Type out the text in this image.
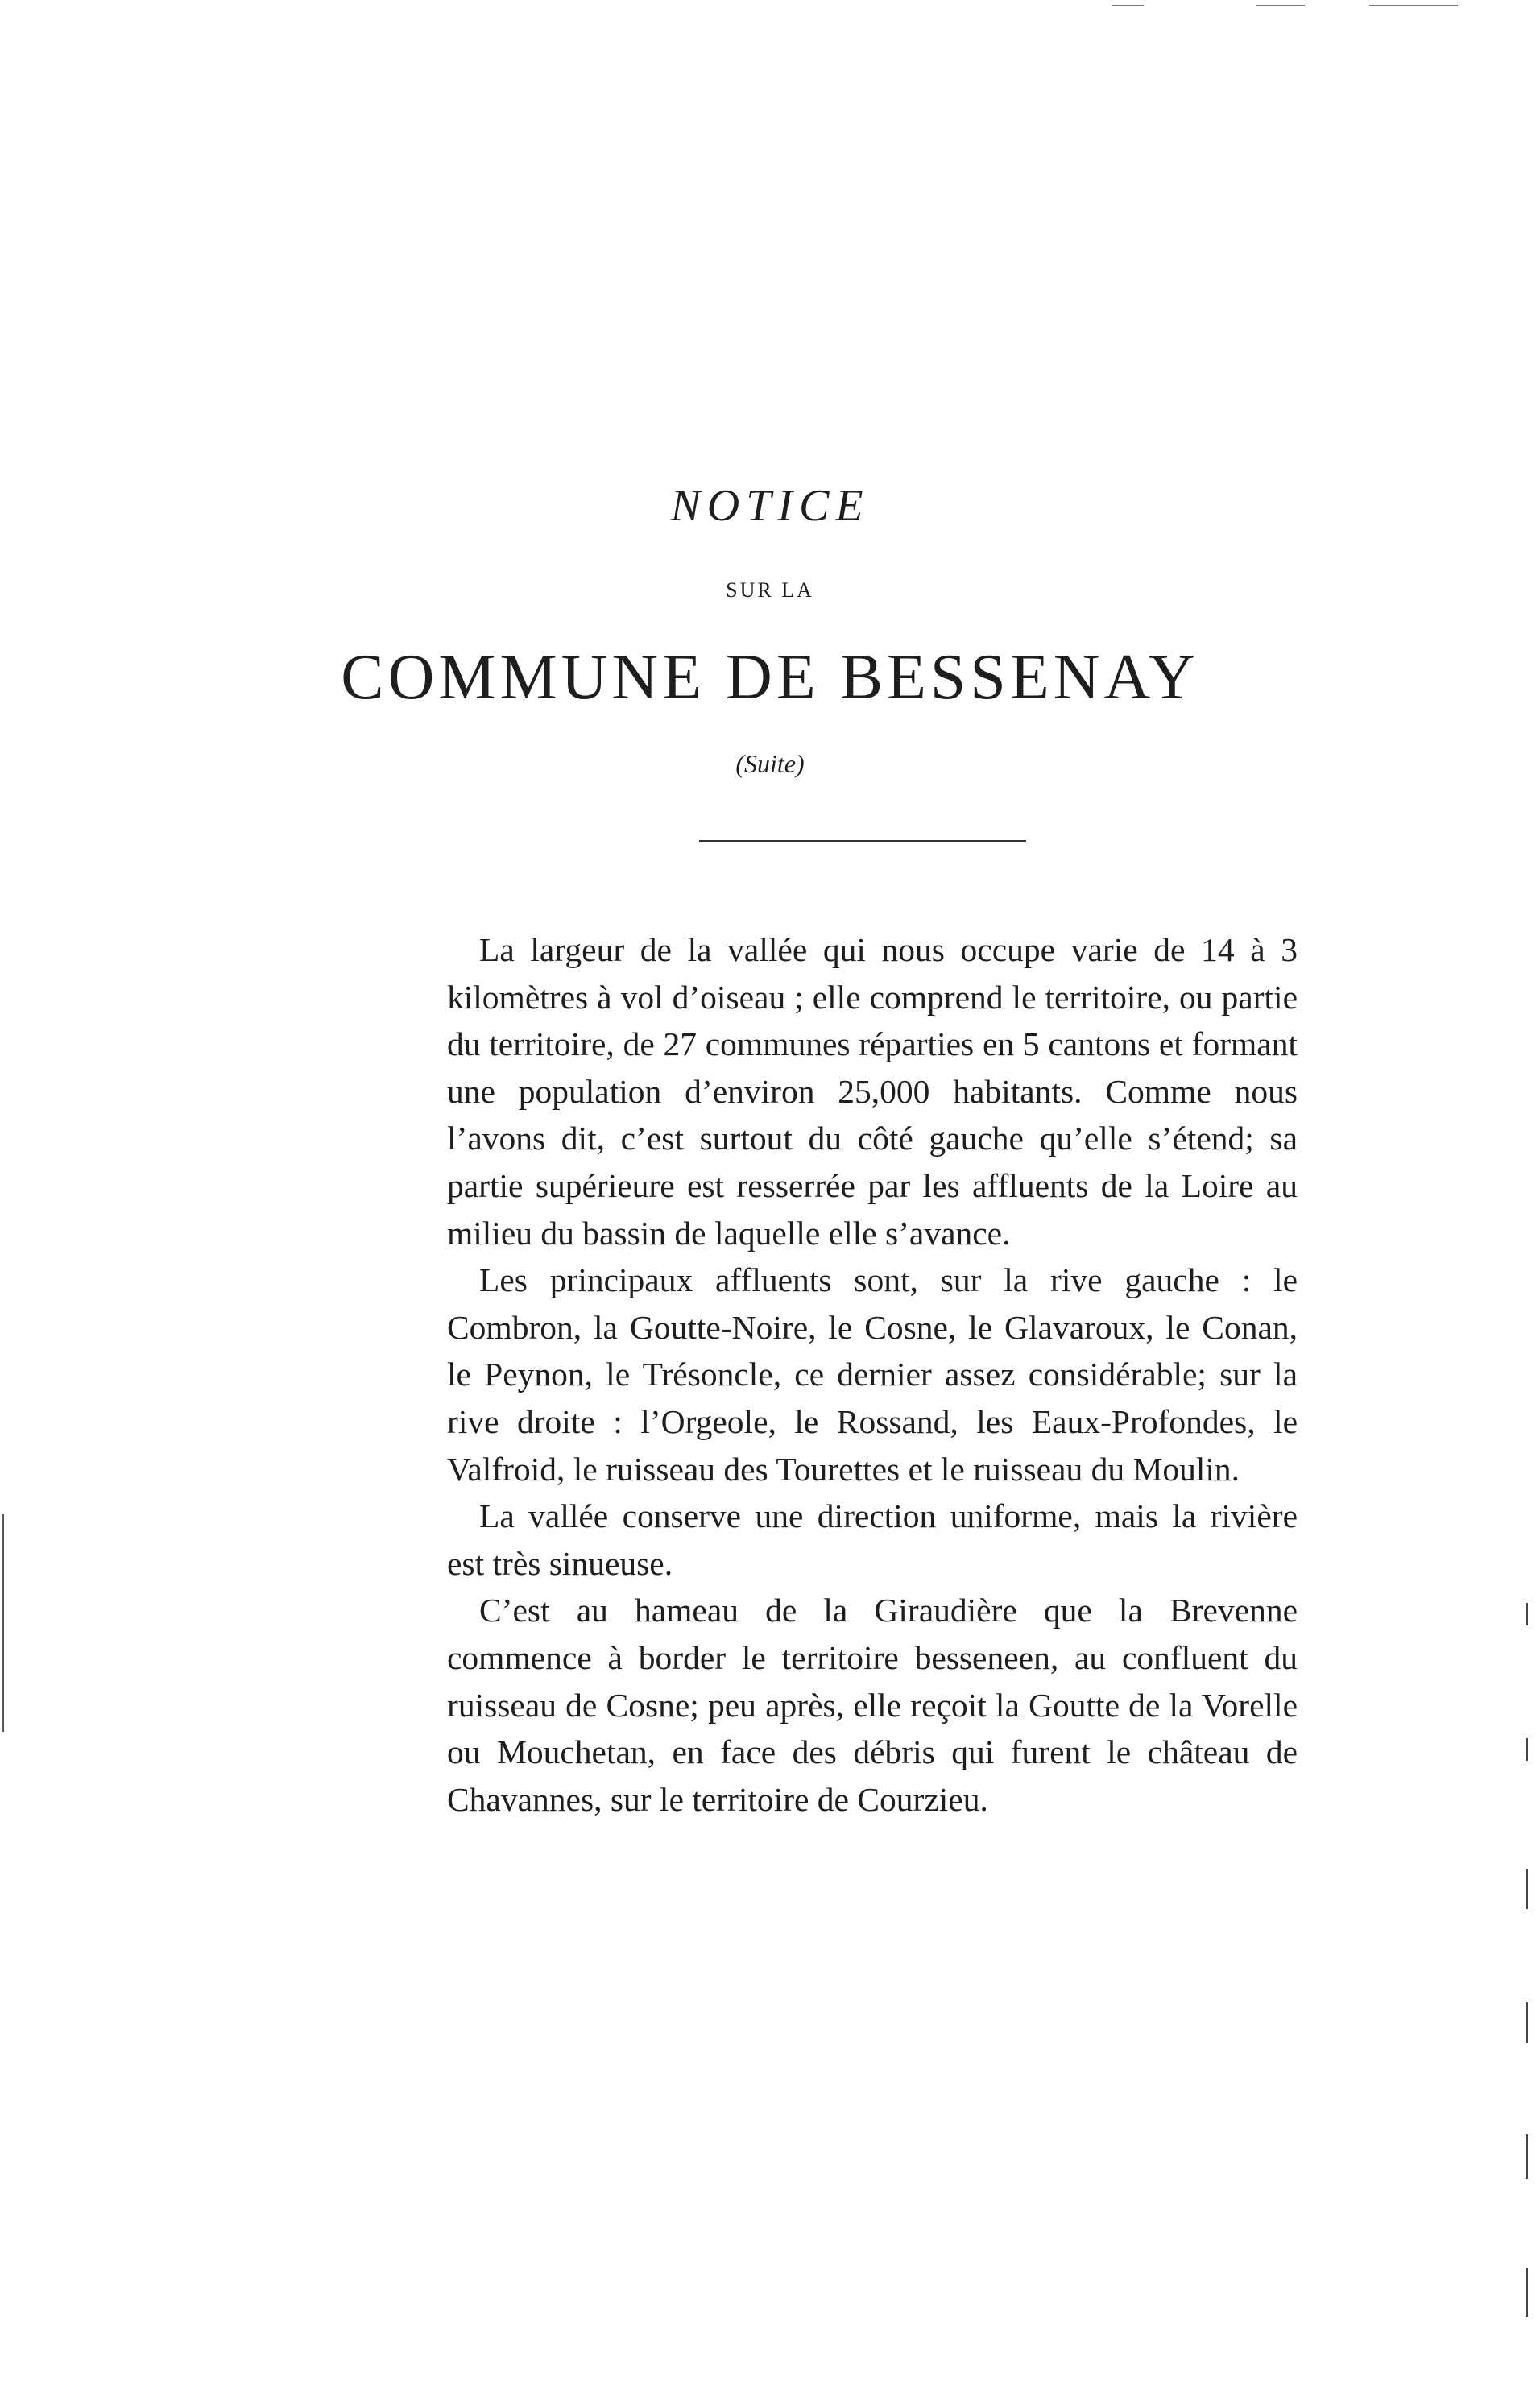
NOTICE
SUR LA
COMMUNE DE BESSENAY
(Suite)

La largeur de la vallée qui nous occupe varie de 14 à 3 kilomètres à vol d’oiseau ; elle comprend le territoire, ou partie du territoire, de 27 communes réparties en 5 cantons et formant une population d’environ 25,000 habitants. Comme nous l’avons dit, c’est surtout du côté gauche qu’elle s’étend; sa partie supérieure est resserrée par les affluents de la Loire au milieu du bassin de laquelle elle s’avance.

Les principaux affluents sont, sur la rive gauche : le Combron, la Goutte-Noire, le Cosne, le Glavaroux, le Conan, le Peynon, le Trésoncle, ce dernier assez considérable; sur la rive droite : l’Orgeole, le Rossand, les Eaux-Profondes, le Valfroid, le ruisseau des Tourettes et le ruisseau du Moulin.

La vallée conserve une direction uniforme, mais la rivière est très sinueuse.

C’est au hameau de la Giraudière que la Brevenne commence à border le territoire besseneen, au confluent du ruisseau de Cosne; peu après, elle reçoit la Goutte de la Vorelle ou Mouchetan, en face des débris qui furent le château de Chavannes, sur le territoire de Courzieu.
